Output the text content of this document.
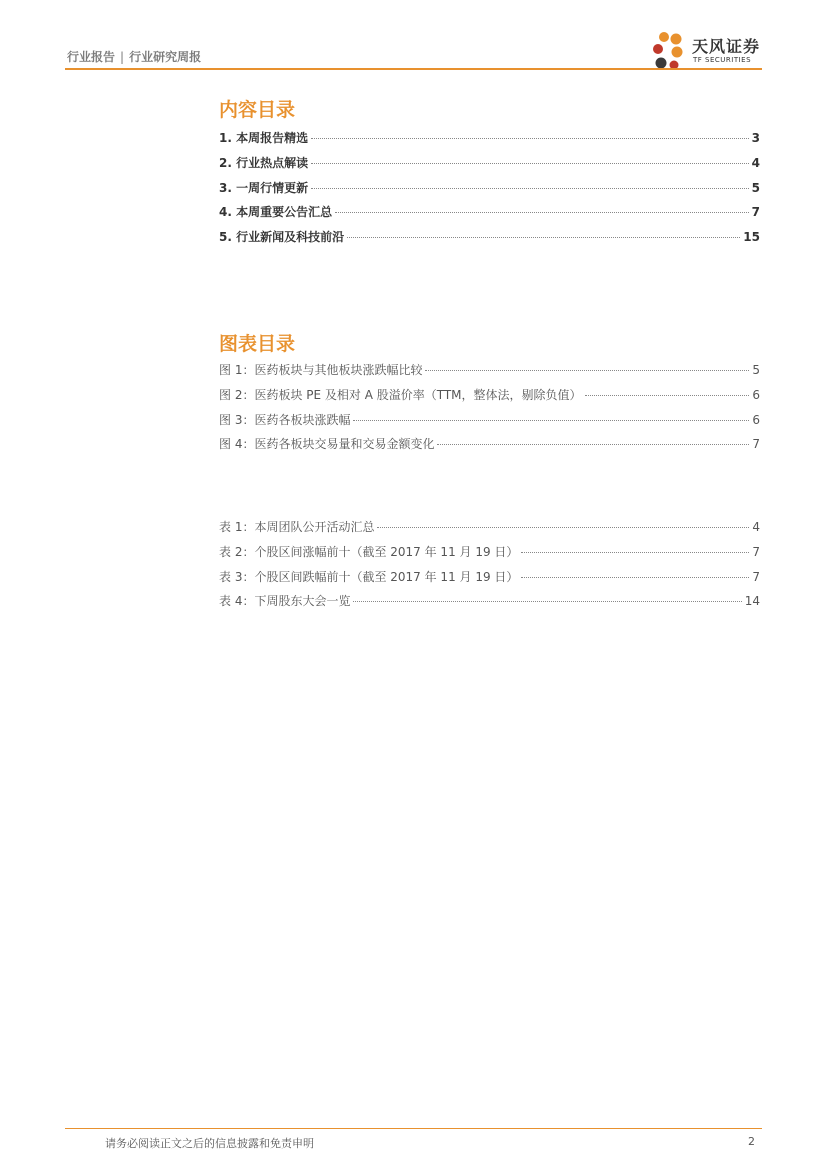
行业报告 | 行业研究周报
天风证券
TF SECURITIES
内容目录
1. 本周报告精选	3
2. 行业热点解读	4
3. 一周行情更新	5
4. 本周重要公告汇总	7
5. 行业新闻及科技前沿	15
图表目录
图 1：医药板块与其他板块涨跌幅比较	5
图 2：医药板块 PE 及相对 A 股溢价率（TTM，整体法，剔除负值）	6
图 3：医药各板块涨跌幅	6
图 4：医药各板块交易量和交易金额变化	7
表 1：本周团队公开活动汇总	4
表 2：个股区间涨幅前十（截至 2017 年 11 月 19 日）	7
表 3：个股区间跌幅前十（截至 2017 年 11 月 19 日）	7
表 4：下周股东大会一览	14
请务必阅读正文之后的信息披露和免责申明	2
